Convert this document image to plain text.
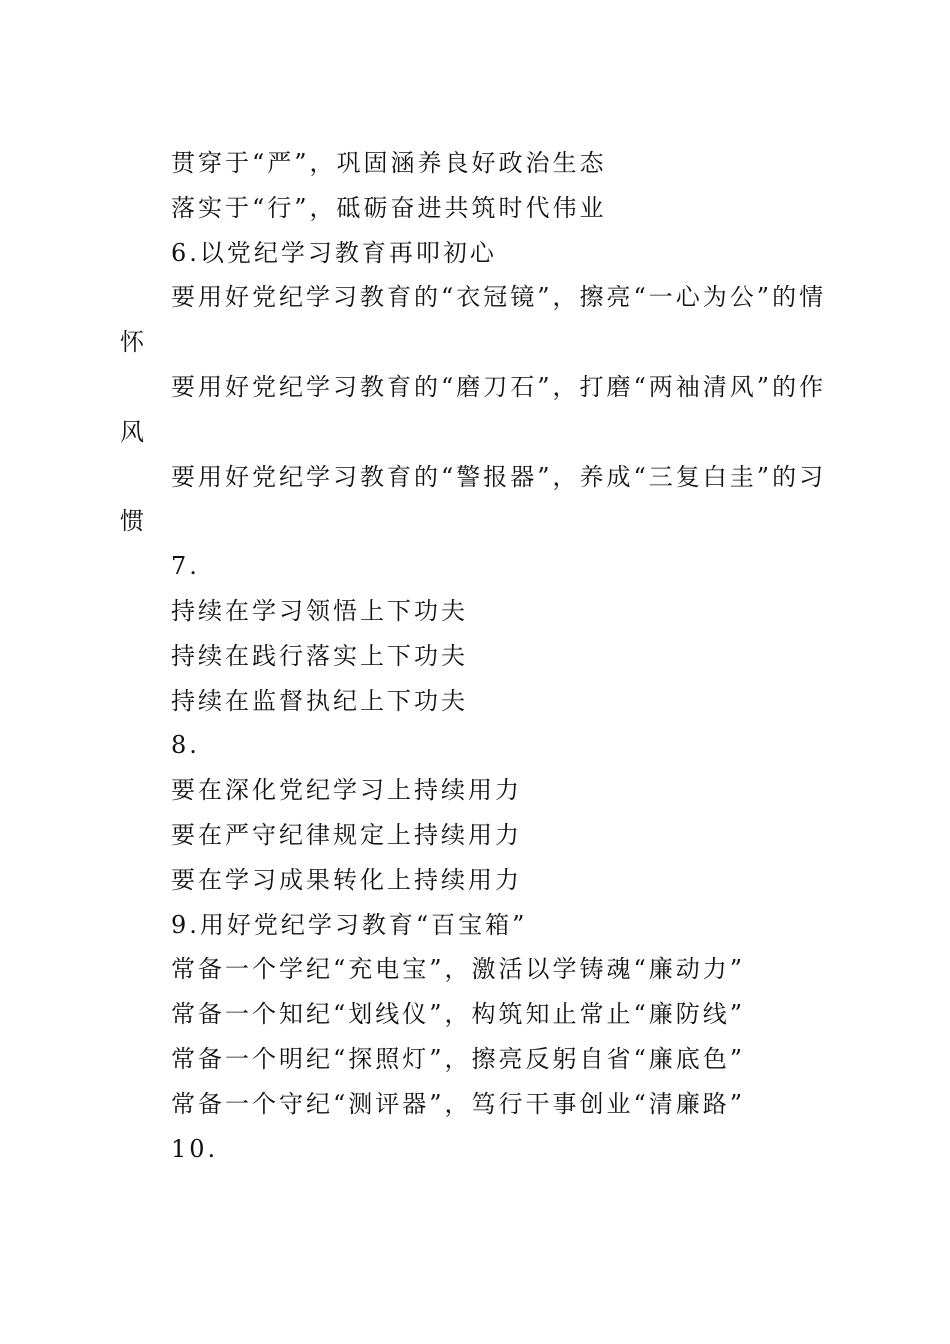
贯穿于“严”，巩固涵养良好政治生态

落实于“行”，砥砺奋进共筑时代伟业

6.以党纪学习教育再叩初心

要用好党纪学习教育的“衣冠镜”，擦亮“一心为公”的情怀

要用好党纪学习教育的“磨刀石”，打磨“两袖清风”的作风

要用好党纪学习教育的“警报器”，养成“三复白圭”的习惯

7.

持续在学习领悟上下功夫

持续在践行落实上下功夫

持续在监督执纪上下功夫

8.

要在深化党纪学习上持续用力

要在严守纪律规定上持续用力

要在学习成果转化上持续用力

9.用好党纪学习教育“百宝箱”

常备一个学纪“充电宝”，激活以学铸魂“廉动力”

常备一个知纪“划线仪”，构筑知止常止“廉防线”

常备一个明纪“探照灯”，擦亮反躬自省“廉底色”

常备一个守纪“测评器”，笃行干事创业“清廉路”

10.
